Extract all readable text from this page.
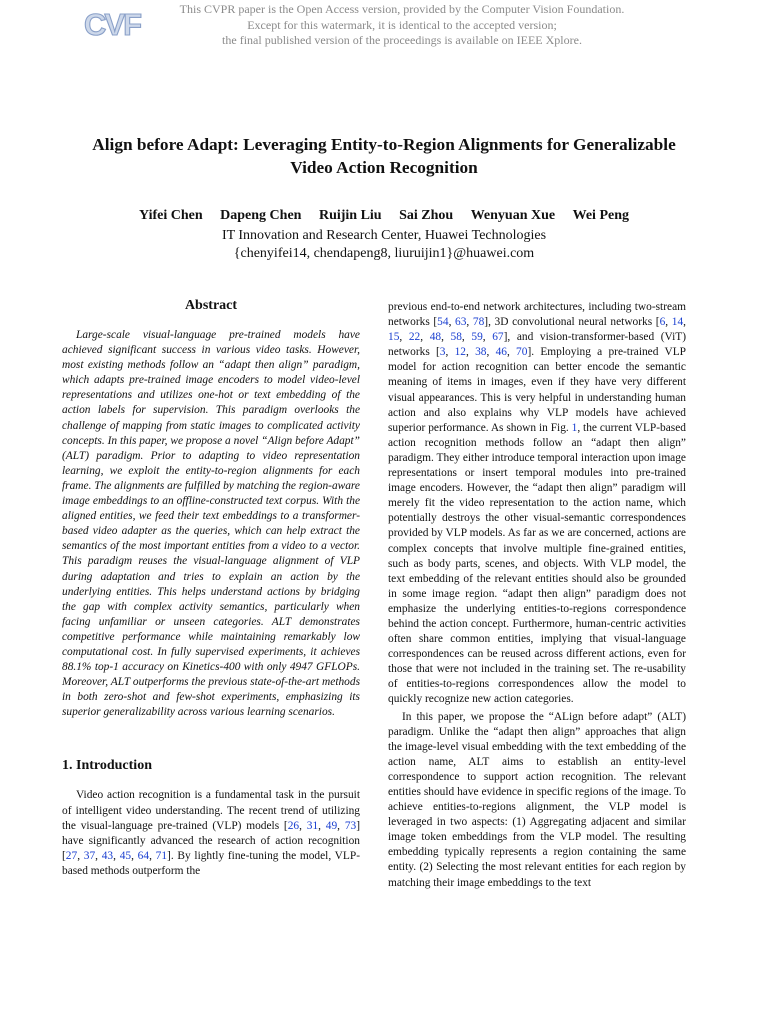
CVF	This CVPR paper is the Open Access version, provided by the Computer Vision Foundation.
Except for this watermark, it is identical to the accepted version;
the final published version of the proceedings is available on IEEE Xplore.
Align before Adapt: Leveraging Entity-to-Region Alignments for Generalizable
Video Action Recognition
Yifei Chen Dapeng Chen Ruijin Liu Sai Zhou Wenyuan Xue Wei Peng
IT Innovation and Research Center, Huawei Technologies
{chenyifei14, chendapeng8, liuruijin1}@huawei.com
Abstract

Large-scale visual-language pre-trained models have achieved significant success in various video tasks. However, most existing methods follow an “adapt then align” paradigm, which adapts pre-trained image encoders to model video-level representations and utilizes one-hot or text embedding of the action labels for supervision. This paradigm overlooks the challenge of mapping from static images to complicated activity concepts. In this paper, we propose a novel “Align before Adapt” (ALT) paradigm. Prior to adapting to video representation learning, we exploit the entity-to-region alignments for each frame. The alignments are fulfilled by matching the region-aware image embeddings to an offline-constructed text corpus. With the aligned entities, we feed their text embeddings to a transformer-based video adapter as the queries, which can help extract the semantics of the most important entities from a video to a vector. This paradigm reuses the visual-language alignment of VLP during adaptation and tries to explain an action by the underlying entities. This helps understand actions by bridging the gap with complex activity semantics, particularly when facing unfamiliar or unseen categories. ALT demonstrates competitive performance while maintaining remarkably low computational cost. In fully supervised experiments, it achieves 88.1% top-1 accuracy on Kinetics-400 with only 4947 GFLOPs. Moreover, ALT outperforms the previous state-of-the-art methods in both zero-shot and few-shot experiments, emphasizing its superior generalizability across various learning scenarios.

1. Introduction

Video action recognition is a fundamental task in the pursuit of intelligent video understanding. The recent trend of utilizing the visual-language pre-trained (VLP) models [26, 31, 49, 73] have significantly advanced the research of action recognition [27, 37, 43, 45, 64, 71]. By lightly fine-tuning the model, VLP-based methods outperform the

previous end-to-end network architectures, including two-stream networks [54, 63, 78], 3D convolutional neural networks [6, 14, 15, 22, 48, 58, 59, 67], and vision-transformer-based (ViT) networks [3, 12, 38, 46, 70]. Employing a pre-trained VLP model for action recognition can better encode the semantic meaning of items in images, even if they have very different visual appearances. This is very helpful in understanding human action and also explains why VLP models have achieved superior performance. As shown in Fig. 1, the current VLP-based action recognition methods follow an “adapt then align” paradigm. They either introduce temporal interaction upon image representations or insert temporal modules into pre-trained image encoders. However, the “adapt then align” paradigm will merely fit the video representation to the action name, which potentially destroys the other visual-semantic correspondences provided by VLP models. As far as we are concerned, actions are complex concepts that involve multiple fine-grained entities, such as body parts, scenes, and objects. With VLP model, the text embedding of the relevant entities should also be grounded in some image region. “adapt then align” paradigm does not emphasize the underlying entities-to-regions correspondence behind the action concept. Furthermore, human-centric activities often share common entities, implying that visual-language correspondences can be reused across different actions, even for those that were not included in the training set. The re-usability of entities-to-regions correspondences allow the model to quickly recognize new action categories.

In this paper, we propose the “ALign before adapt” (ALT) paradigm. Unlike the “adapt then align” approaches that align the image-level visual embedding with the text embedding of the action name, ALT aims to establish an entity-level correspondence to support action recognition. The relevant entities should have evidence in specific regions of the image. To achieve entities-to-regions alignment, the VLP model is leveraged in two aspects: (1) Aggregating adjacent and similar image token embeddings from the VLP model. The resulting embedding typically represents a region containing the same entity. (2) Selecting the most relevant entities for each region by matching their image embeddings to the text
